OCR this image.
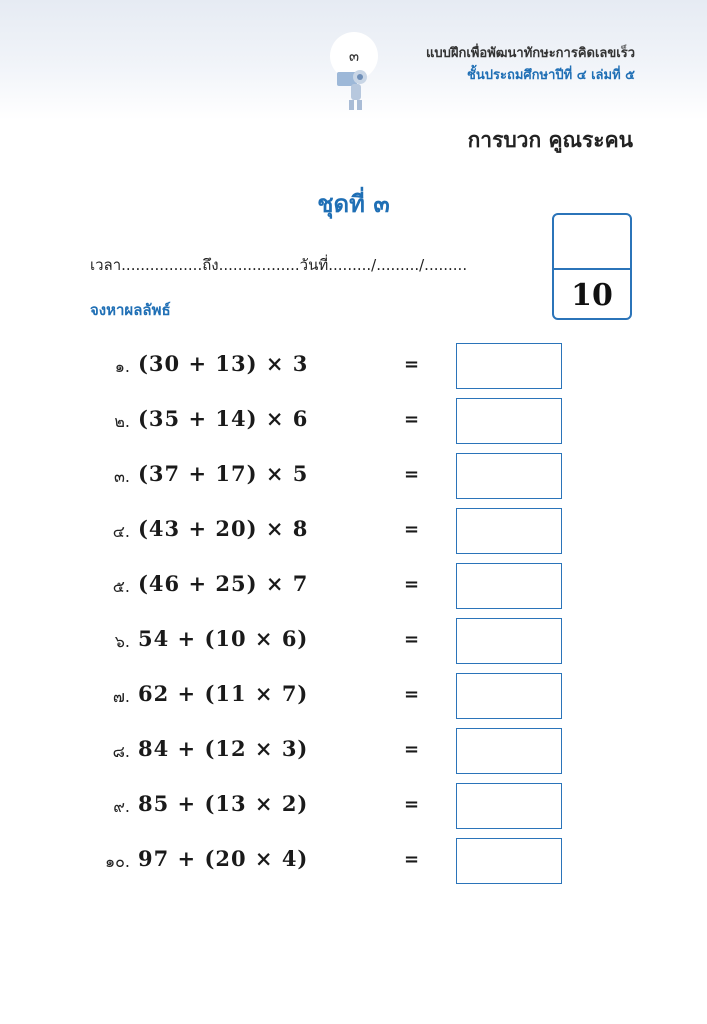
๓	แบบฝึกเพื่อพัฒนาทักษะการคิดเลขเร็ว
ชั้นประถมศึกษาปีที่ ๔ เล่มที่ ๕
การบวก คูณระคน
ชุดที่ ๓
10
เวลา.................ถึง.................วันที่........./........./.........
จงหาผลลัพธ์
๑. (30 + 13) × 3	=
๒. (35 + 14) × 6	=
๓. (37 + 17) × 5	=
๔. (43 + 20) × 8	=
๕. (46 + 25) × 7	=
๖. 54 + (10 × 6)	=
๗. 62 + (11 × 7)	=
๘. 84 + (12 × 3)	=
๙. 85 + (13 × 2)	=
๑๐. 97 + (20 × 4)	=
